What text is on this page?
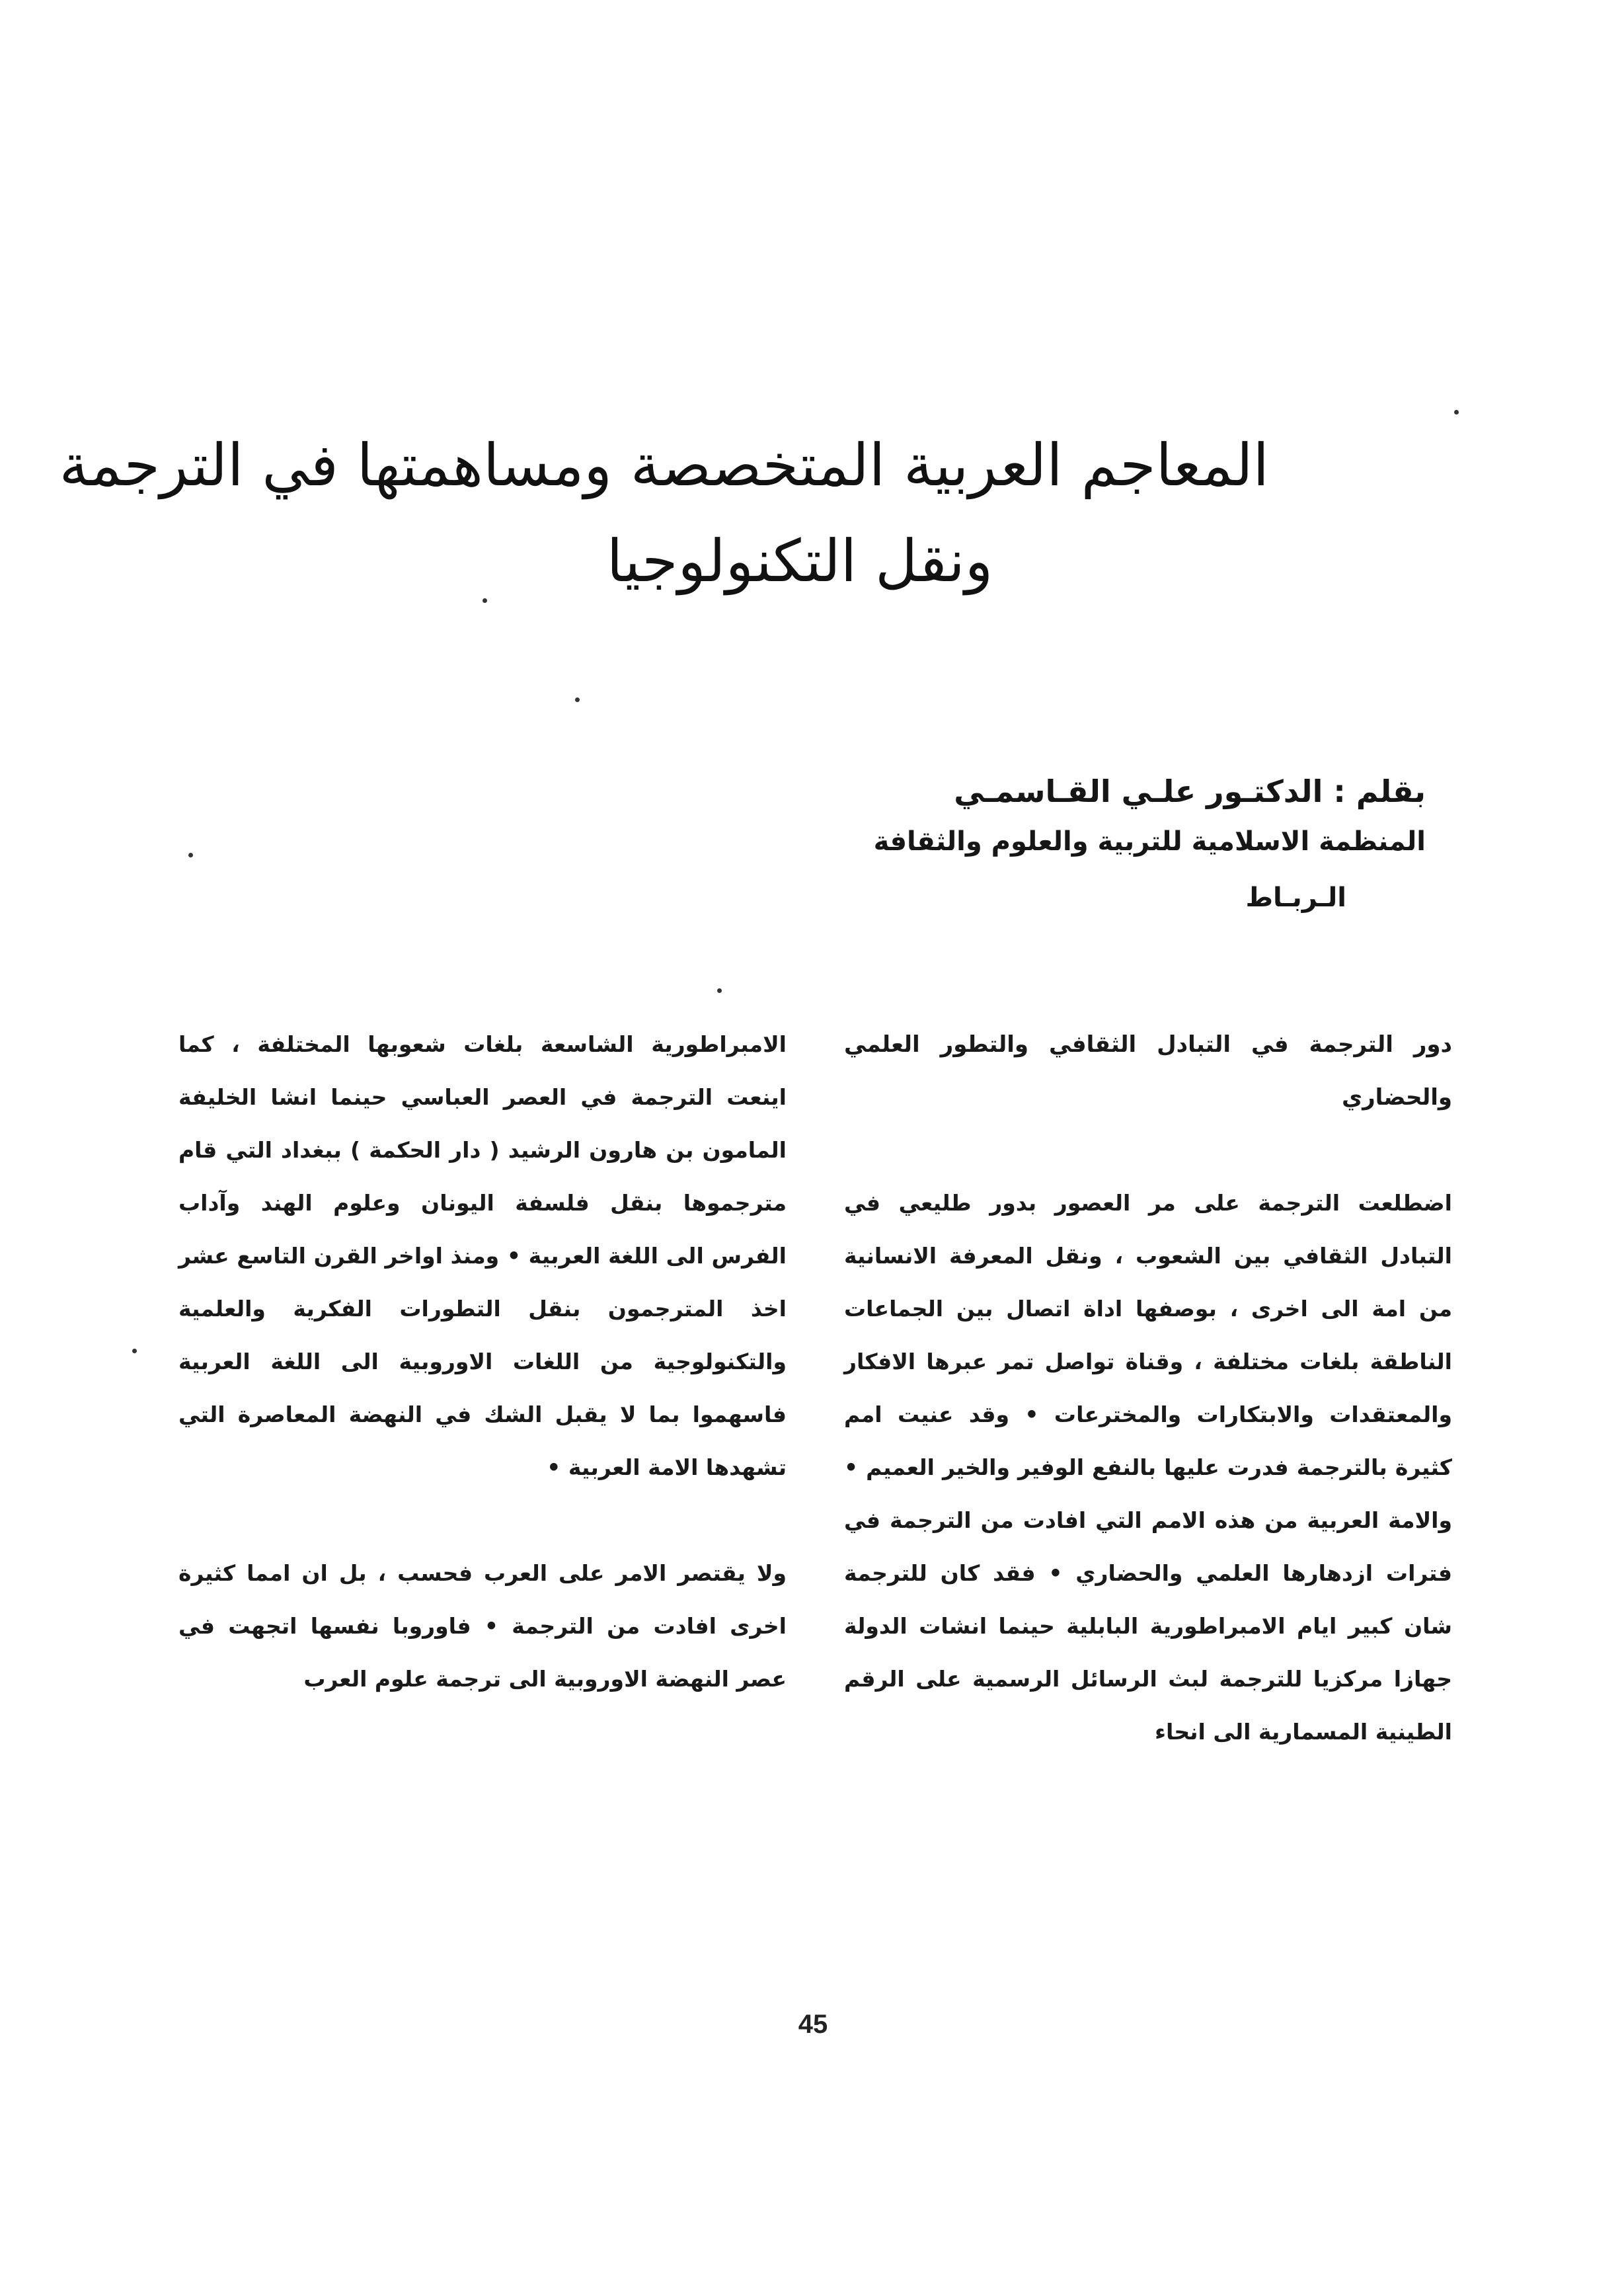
المعاجم العربية المتخصصة ومساهمتها في الترجمة
ونقل التكنولوجيا
بقلم : الدكتـور علـي القـاسمـي
المنظمة الاسلامية للتربية والعلوم والثقافة
الـربـاط

دور الترجمة في التبادل الثقافي والتطور العلمي والحضاري

اضطلعت الترجمة على مر العصور بدور طليعي في التبادل الثقافي بين الشعوب ، ونقل المعرفة الانسانية من امة الى اخرى ، بوصفها اداة اتصال بين الجماعات الناطقة بلغات مختلفة ، وقناة تواصل تمر عبرها الافكار والمعتقدات والابتكارات والمخترعات • وقد عنيت امم كثيرة بالترجمة فدرت عليها بالنفع الوفير والخير العميم • والامة العربية من هذه الامم التي افادت من الترجمة في فترات ازدهارها العلمي والحضاري • فقد كان للترجمة شان كبير ايام الامبراطورية البابلية حينما انشات الدولة جهازا مركزيا للترجمة لبث الرسائل الرسمية على الرقم الطينية المسمارية الى انحاء

الامبراطورية الشاسعة بلغات شعوبها المختلفة ، كما اينعت الترجمة في العصر العباسي حينما انشا الخليفة المامون بن هارون الرشيد ( دار الحكمة ) ببغداد التي قام مترجموها بنقل فلسفة اليونان وعلوم الهند وآداب الفرس الى اللغة العربية • ومنذ اواخر القرن التاسع عشر اخذ المترجمون بنقل التطورات الفكرية والعلمية والتكنولوجية من اللغات الاوروبية الى اللغة العربية فاسهموا بما لا يقبل الشك في النهضة المعاصرة التي تشهدها الامة العربية •

ولا يقتصر الامر على العرب فحسب ، بل ان امما كثيرة اخرى افادت من الترجمة • فاوروبا نفسها اتجهت في عصر النهضة الاوروبية الى ترجمة علوم العرب

45
